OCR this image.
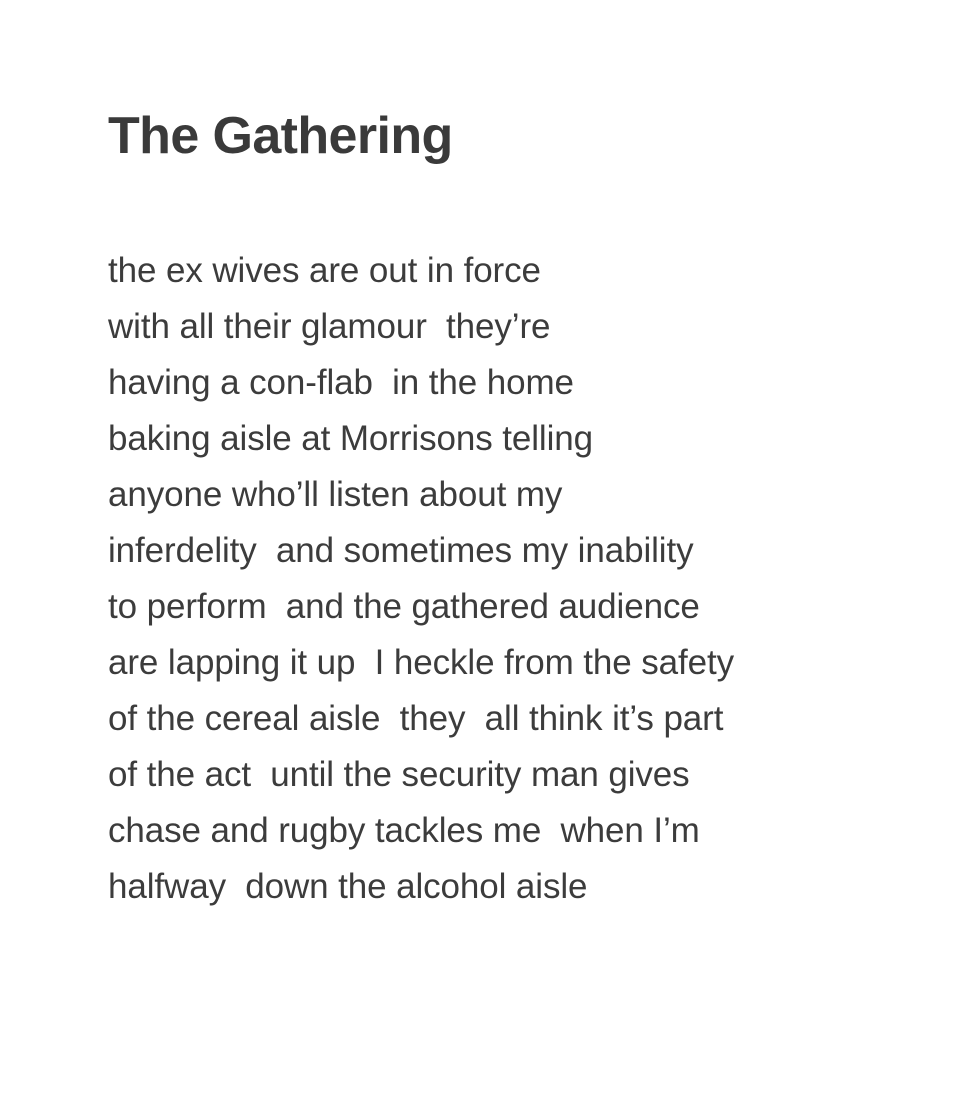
The Gathering
the ex wives are out in force
with all their glamour  they’re
having a con-flab  in the home
baking aisle at Morrisons telling
anyone who’ll listen about my
inferdelity  and sometimes my inability
to perform  and the gathered audience
are lapping it up  I heckle from the safety
of the cereal aisle  they  all think it’s part
of the act  until the security man gives
chase and rugby tackles me  when I’m
halfway  down the alcohol aisle
